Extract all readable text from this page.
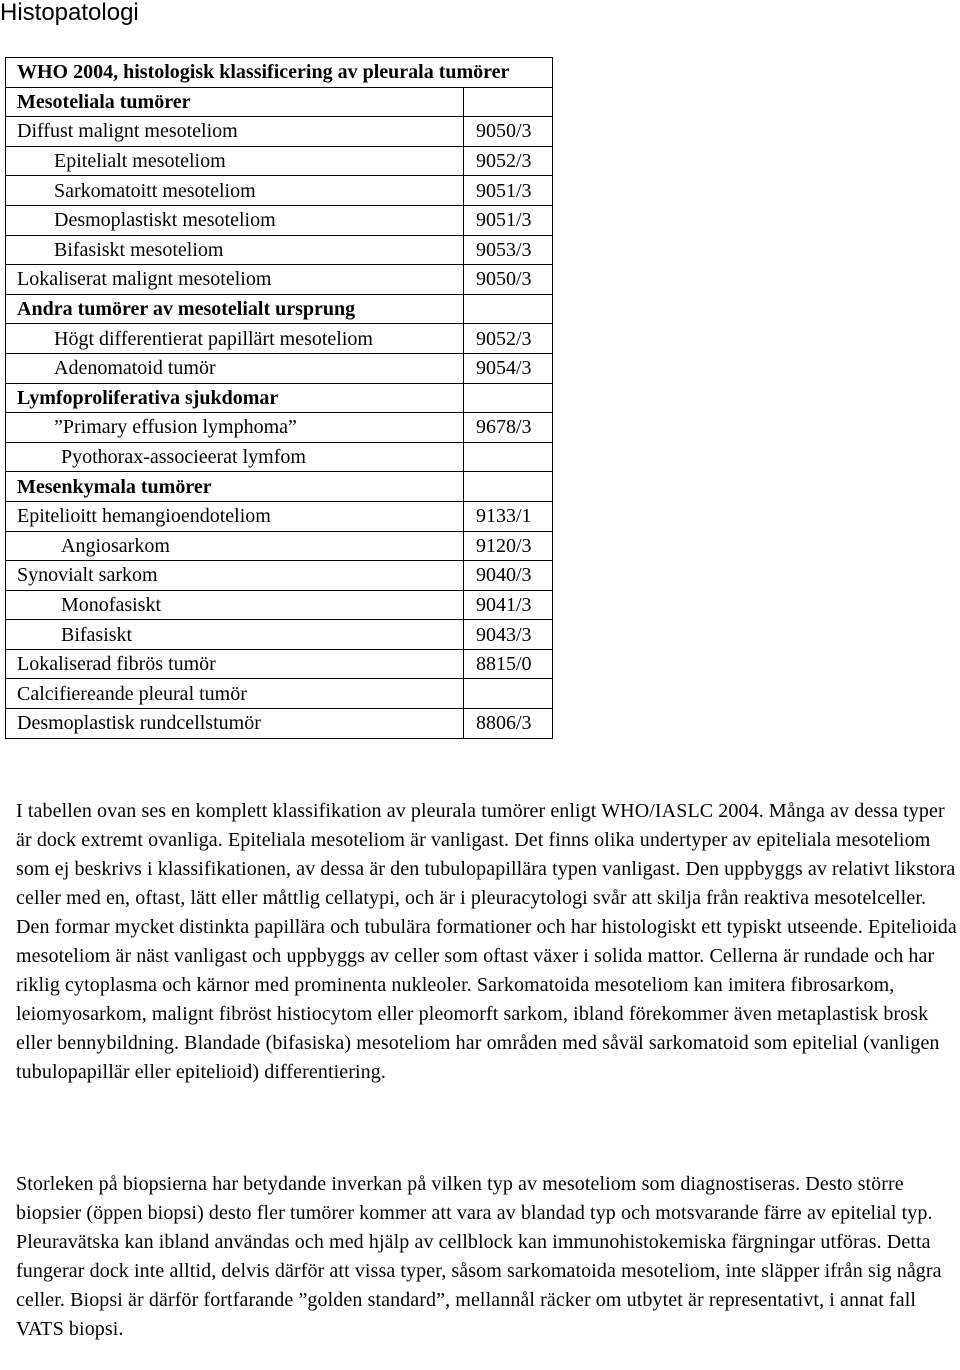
Histopatologi
WHO 2004, histologisk klassificering av pleurala tumörer	
Mesoteliala tumörer	
Diffust malignt mesoteliom	9050/3
Epitelialt mesoteliom	9052/3
Sarkomatoitt mesoteliom	9051/3
Desmoplastiskt mesoteliom	9051/3
Bifasiskt mesoteliom	9053/3
Lokaliserat malignt mesoteliom	9050/3
Andra tumörer av mesotelialt ursprung	
Högt differentierat papillärt mesoteliom	9052/3
Adenomatoid tumör	9054/3
Lymfoproliferativa sjukdomar	
”Primary effusion lymphoma”	9678/3
Pyothorax-associeerat lymfom	
Mesenkymala tumörer	
Epitelioitt hemangioendoteliom	9133/1
Angiosarkom	9120/3
Synovialt sarkom	9040/3
Monofasiskt	9041/3
Bifasiskt	9043/3
Lokaliserad fibrös tumör	8815/0
Calcifiereande pleural tumör	
Desmoplastisk rundcellstumör	8806/3

I tabellen ovan ses en komplett klassifikation av pleurala tumörer enligt WHO/IASLC 2004. Många av dessa typer är dock extremt ovanliga. Epiteliala mesoteliom är vanligast. Det finns olika undertyper av epiteliala mesoteliom som ej beskrivs i klassifikationen, av dessa är den tubulopapillära typen vanligast. Den uppbyggs av relativt likstora celler med en, oftast, lätt eller måttlig cellatypi, och är i pleuracytologi svår att skilja från reaktiva mesotelceller. Den formar mycket distinkta papillära och tubulära formationer och har histologiskt ett typiskt utseende. Epitelioida mesoteliom är näst vanligast och uppbyggs av celler som oftast växer i solida mattor. Cellerna är rundade och har riklig cytoplasma och kärnor med prominenta nukleoler. Sarkomatoida mesoteliom kan imitera fibrosarkom, leiomyosarkom, malignt fibröst histiocytom eller pleomorft sarkom, ibland förekommer även metaplastisk brosk eller bennybildning. Blandade (bifasiska) mesoteliom har områden med såväl sarkomatoid som epitelial (vanligen tubulopapillär eller epitelioid) differentiering.

Storleken på biopsierna har betydande inverkan på vilken typ av mesoteliom som diagnostiseras. Desto större biopsier (öppen biopsi) desto fler tumörer kommer att vara av blandad typ och motsvarande färre av epitelial typ. Pleuravätska kan ibland användas och med hjälp av cellblock kan immunohistokemiska färgningar utföras. Detta fungerar dock inte alltid, delvis därför att vissa typer, såsom sarkomatoida mesoteliom, inte släpper ifrån sig några celler. Biopsi är därför fortfarande ”golden standard”, mellannål räcker om utbytet är representativt, i annat fall VATS biopsi.
